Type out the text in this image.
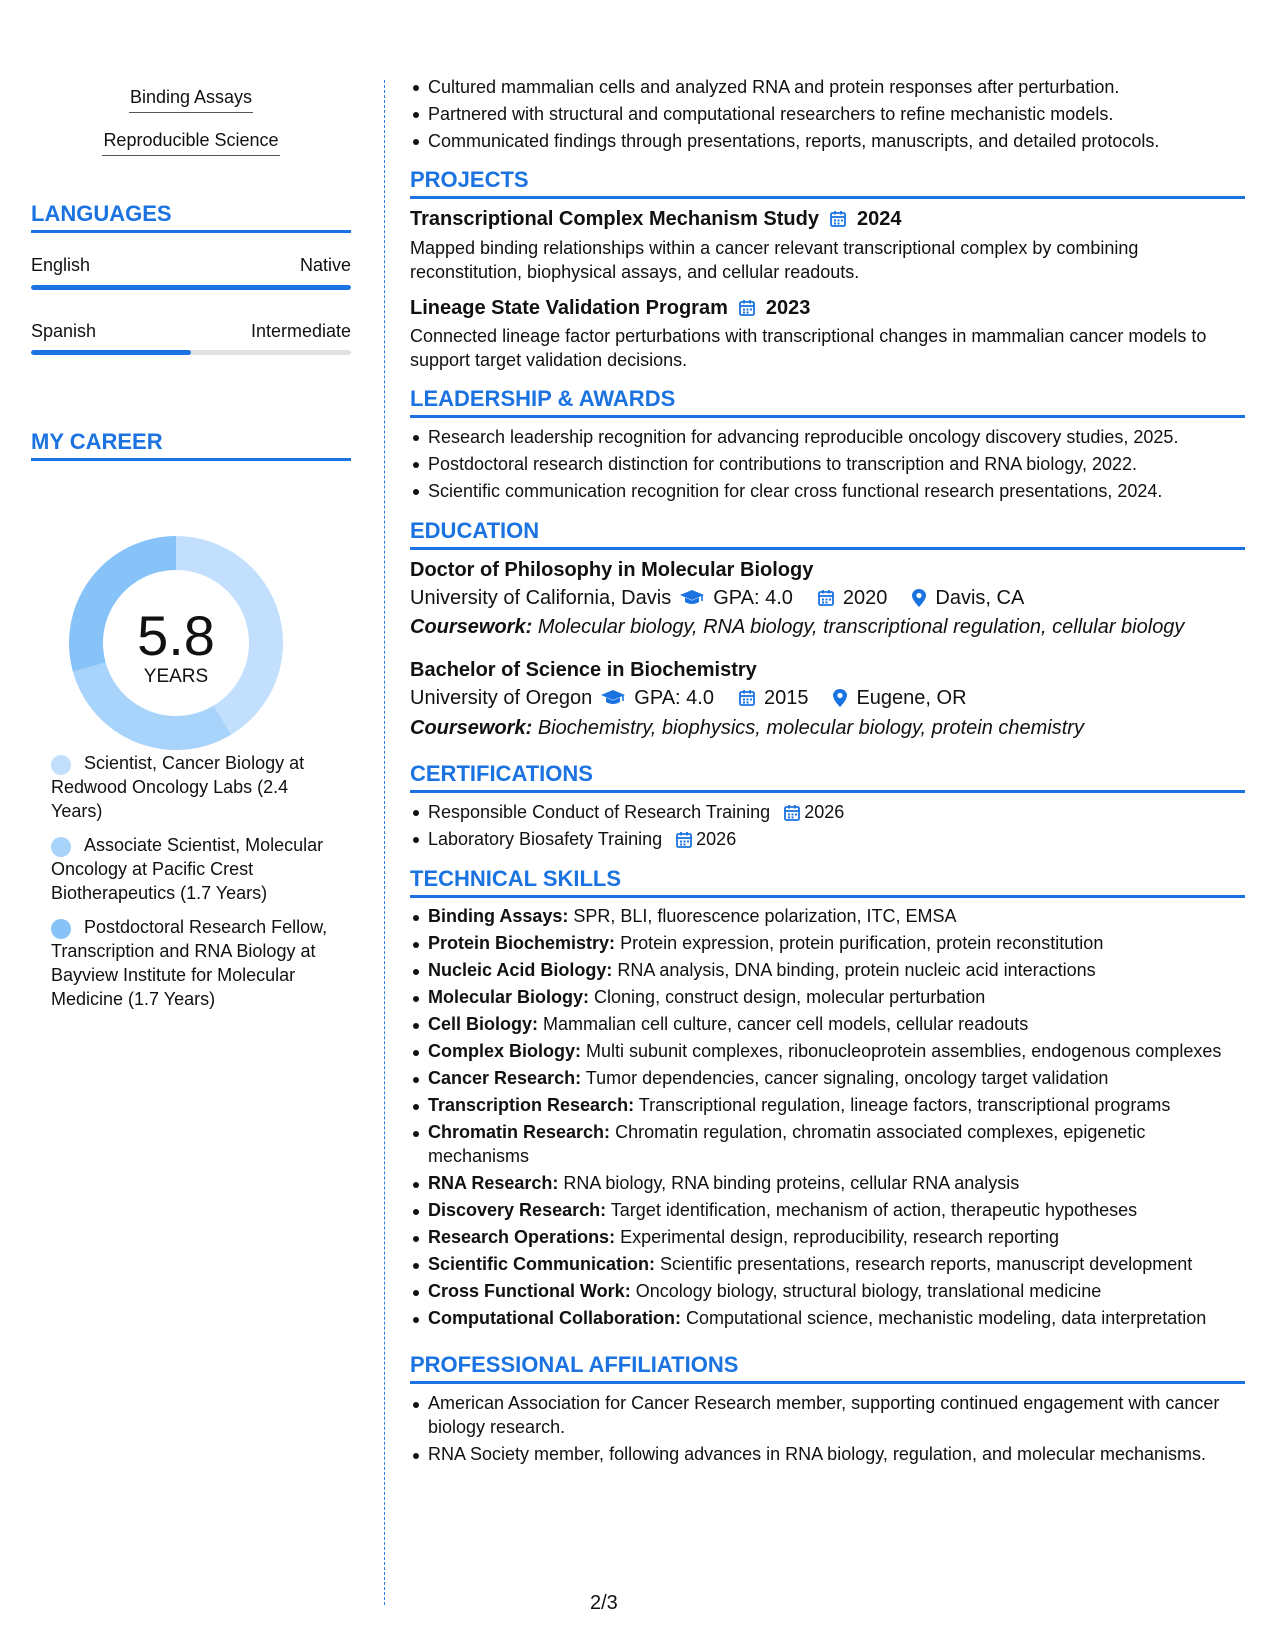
Binding Assays
Reproducible Science
LANGUAGES
English	Native
Spanish	Intermediate
MY CAREER
5.8
YEARS
Scientist, Cancer Biology at Redwood Oncology Labs (2.4 Years)
Associate Scientist, Molecular Oncology at Pacific Crest Biotherapeutics (1.7 Years)
Postdoctoral Research Fellow, Transcription and RNA Biology at Bayview Institute for Molecular Medicine (1.7 Years)
Cultured mammalian cells and analyzed RNA and protein responses after perturbation.
Partnered with structural and computational researchers to refine mechanistic models.
Communicated findings through presentations, reports, manuscripts, and detailed protocols.
PROJECTS
Transcriptional Complex Mechanism Study 2024
Mapped binding relationships within a cancer relevant transcriptional complex by combining reconstitution, biophysical assays, and cellular readouts.
Lineage State Validation Program 2023
Connected lineage factor perturbations with transcriptional changes in mammalian cancer models to support target validation decisions.
LEADERSHIP & AWARDS
Research leadership recognition for advancing reproducible oncology discovery studies, 2025.
Postdoctoral research distinction for contributions to transcription and RNA biology, 2022.
Scientific communication recognition for clear cross functional research presentations, 2024.
EDUCATION
Doctor of Philosophy in Molecular Biology
University of California, Davis GPA: 4.0	2020 Davis, CA
Coursework: Molecular biology, RNA biology, transcriptional regulation, cellular biology
Bachelor of Science in Biochemistry
University of Oregon GPA: 4.0	2015 Eugene, OR
Coursework: Biochemistry, biophysics, molecular biology, protein chemistry
CERTIFICATIONS
Responsible Conduct of Research Training 2026
Laboratory Biosafety Training 2026
TECHNICAL SKILLS
Binding Assays: SPR, BLI, fluorescence polarization, ITC, EMSA
Protein Biochemistry: Protein expression, protein purification, protein reconstitution
Nucleic Acid Biology: RNA analysis, DNA binding, protein nucleic acid interactions
Molecular Biology: Cloning, construct design, molecular perturbation
Cell Biology: Mammalian cell culture, cancer cell models, cellular readouts
Complex Biology: Multi subunit complexes, ribonucleoprotein assemblies, endogenous complexes
Cancer Research: Tumor dependencies, cancer signaling, oncology target validation
Transcription Research: Transcriptional regulation, lineage factors, transcriptional programs
Chromatin Research: Chromatin regulation, chromatin associated complexes, epigenetic mechanisms
RNA Research: RNA biology, RNA binding proteins, cellular RNA analysis
Discovery Research: Target identification, mechanism of action, therapeutic hypotheses
Research Operations: Experimental design, reproducibility, research reporting
Scientific Communication: Scientific presentations, research reports, manuscript development
Cross Functional Work: Oncology biology, structural biology, translational medicine
Computational Collaboration: Computational science, mechanistic modeling, data interpretation
PROFESSIONAL AFFILIATIONS
American Association for Cancer Research member, supporting continued engagement with cancer biology research.
RNA Society member, following advances in RNA biology, regulation, and molecular mechanisms.
2/3
